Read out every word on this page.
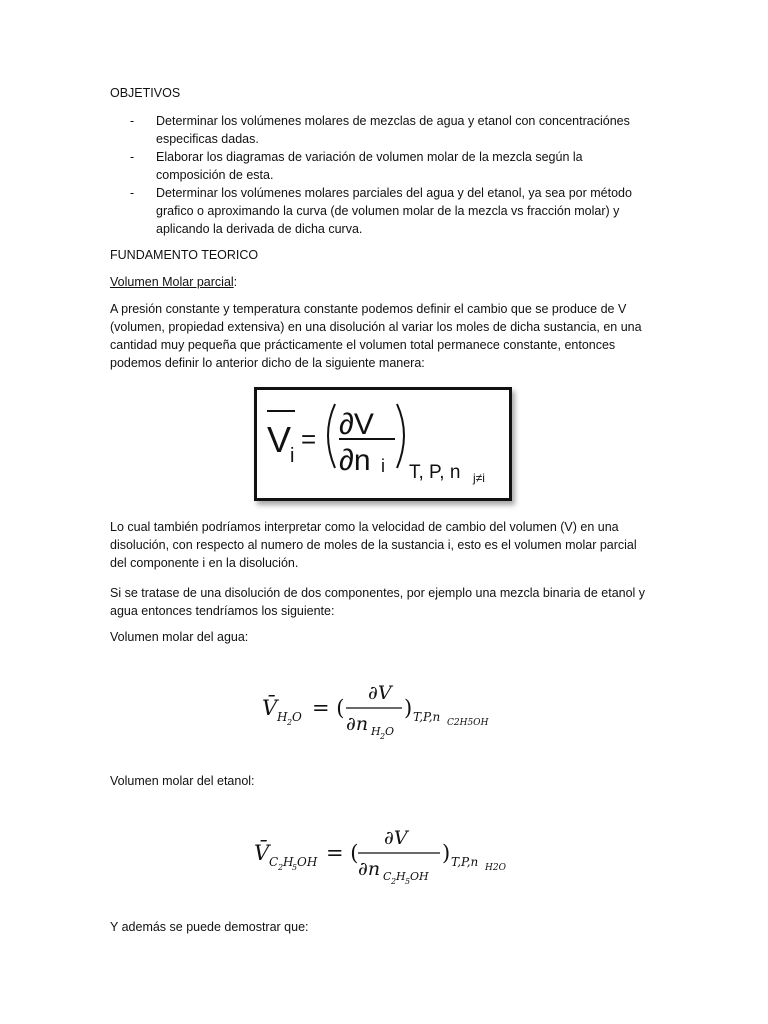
OBJETIVOS
- Determinar los volúmenes molares de mezclas de agua y etanol con concentraciónes especificas dadas.
- Elaborar los diagramas de variación de volumen molar de la mezcla según la composición de esta.
- Determinar los volúmenes molares parciales del agua y del etanol, ya sea por método grafico o aproximando la curva (de volumen molar de la mezcla vs fracción molar) y aplicando la derivada de dicha curva.
FUNDAMENTO TEORICO
Volumen Molar parcial:
A presión constante y temperatura constante podemos definir el cambio que se produce de V (volumen, propiedad extensiva) en una disolución al variar los moles de dicha sustancia, en una cantidad muy pequeña que prácticamente el volumen total permanece constante, entonces podemos definir lo anterior dicho de la siguiente manera:
V
i
= ∂V
∂n i T, P, n j≠i
Lo cual también podríamos interpretar como la velocidad de cambio del volumen (V) en una disolución, con respecto al numero de moles de la sustancia i, esto es el volumen molar parcial del componente i en la disolución.
Si se tratase de una disolución de dos componentes, por ejemplo una mezcla binaria de etanol y agua entonces tendríamos los siguiente:
Volumen molar del agua:
V̄ H 2 O = (
∂V
∂n H 2 O
) T,P,n C2H5OH
Volumen molar del etanol:
V̄ C 2 H
5 OH = (
∂V
∂n C 2 H 5 OH
) T,P,n H2O
Y además se puede demostrar que:
